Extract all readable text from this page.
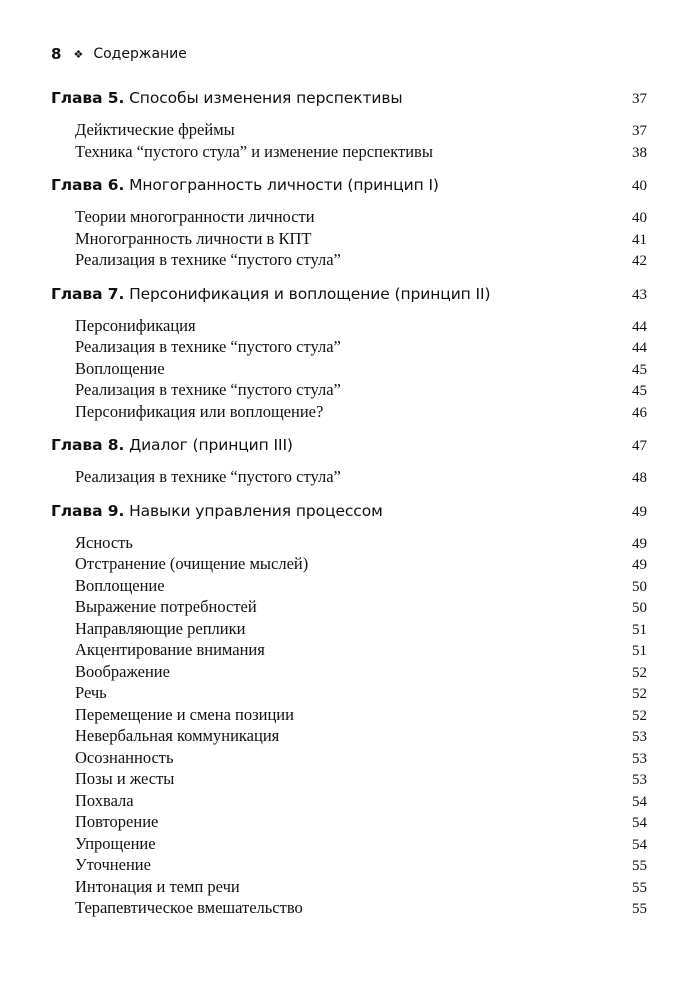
8 ❖ Содержание
Глава 5. Способы изменения перспективы	37
Дейктические фреймы	37
Техника “пустого стула” и изменение перспективы	38
Глава 6. Многогранность личности (принцип I)	40
Теории многогранности личности	40
Многогранность личности в КПТ	41
Реализация в технике “пустого стула”	42
Глава 7. Персонификация и воплощение (принцип II)	43
Персонификация	44
Реализация в технике “пустого стула”	44
Воплощение	45
Реализация в технике “пустого стула”	45
Персонификация или воплощение?	46
Глава 8. Диалог (принцип III)	47
Реализация в технике “пустого стула”	48
Глава 9. Навыки управления процессом	49
Ясность	49
Отстранение (очищение мыслей)	49
Воплощение	50
Выражение потребностей	50
Направляющие реплики	51
Акцентирование внимания	51
Воображение	52
Речь	52
Перемещение и смена позиции	52
Невербальная коммуникация	53
Осознанность	53
Позы и жесты	53
Похвала	54
Повторение	54
Упрощение	54
Уточнение	55
Интонация и темп речи	55
Терапевтическое вмешательство	55
